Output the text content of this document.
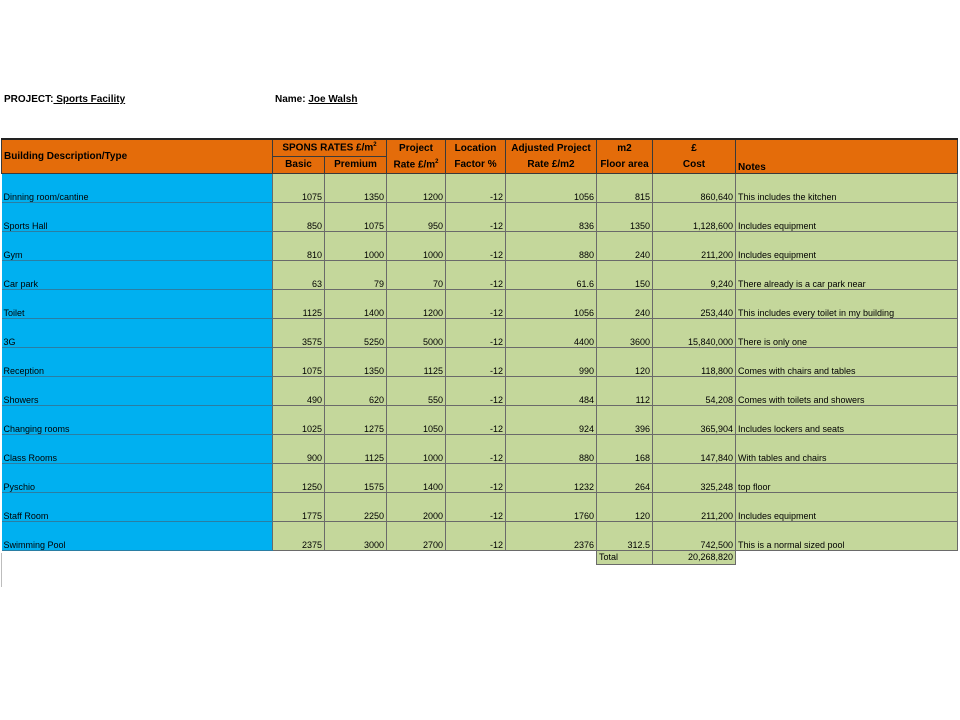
PROJECT: Sports Facility	Name: Joe Walsh
Building Description/Type	SPONS RATES $£/m^2$		Project	Location	Adjusted Project	m2	£	Notes
	Basic	Premium	Rate $£/m^2$	Factor %	Rate £/m2	Floor area	Cost	
Dinning room/cantine	1075	1350	1200	-12	1056	815	860,640	This includes the kitchen
Sports Hall	850	1075	950	-12	836	1350	1,128,600	Includes equipment
Gym	810	1000	1000	-12	880	240	211,200	Includes equipment
Car park	63	79	70	-12	61.6	150	9,240	There already is a car park near
Toilet	1125	1400	1200	-12	1056	240	253,440	This includes every toilet in my building
3G	3575	5250	5000	-12	4400	3600	15,840,000	There is only one
Reception	1075	1350	1125	-12	990	120	118,800	Comes with chairs and tables
Showers	490	620	550	-12	484	112	54,208	Comes with toilets and showers
Changing rooms	1025	1275	1050	-12	924	396	365,904	Includes lockers and seats
Class Rooms	900	1125	1000	-12	880	168	147,840	With tables and chairs
Pyschio	1250	1575	1400	-12	1232	264	325,248	top floor
Staff Room	1775	2250	2000	-12	1760	120	211,200	Includes equipment
Swimming Pool	2375	3000	2700	-12	2376	312.5	742,500	This is a normal sized pool
						Total	20,268,820	
